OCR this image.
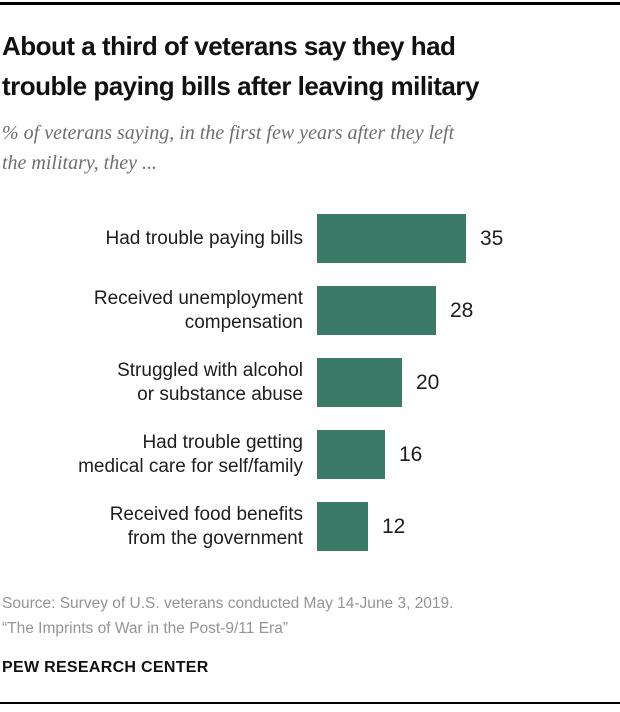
About a third of veterans say they had
trouble paying bills after leaving military
% of veterans saying, in the first few years after they left
the military, they ...
Had trouble paying bills	35
Received unemployment
compensation
28
Struggled with alcohol
or substance abuse
20
Had trouble getting
medical care for self/family
16
Received food benefits
from the government
12
Source: Survey of U.S. veterans conducted May 14-June 3, 2019.
“The Imprints of War in the Post-9/11 Era”
PEW RESEARCH CENTER
